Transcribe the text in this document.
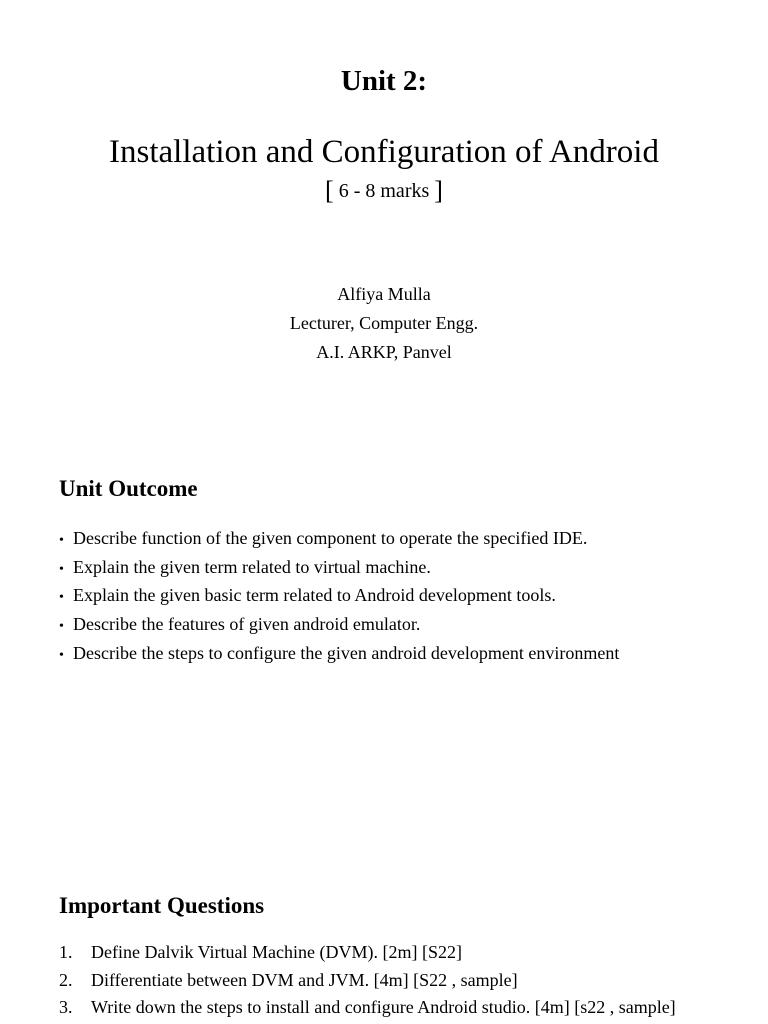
Unit 2:
Installation and Configuration of Android
[ 6 - 8 marks ]
Alfiya Mulla
Lecturer, Computer Engg.
A.I. ARKP, Panvel
Unit Outcome
• Describe function of the given component to operate the specified IDE.
• Explain the given term related to virtual machine.
• Explain the given basic term related to Android development tools.
• Describe the features of given android emulator.
• Describe the steps to configure the given android development environment
Important Questions
1. Define Dalvik Virtual Machine (DVM). [2m] [S22]
2. Differentiate between DVM and JVM. [4m] [S22 , sample]
3. Write down the steps to install and configure Android studio. [4m] [s22 , sample]
